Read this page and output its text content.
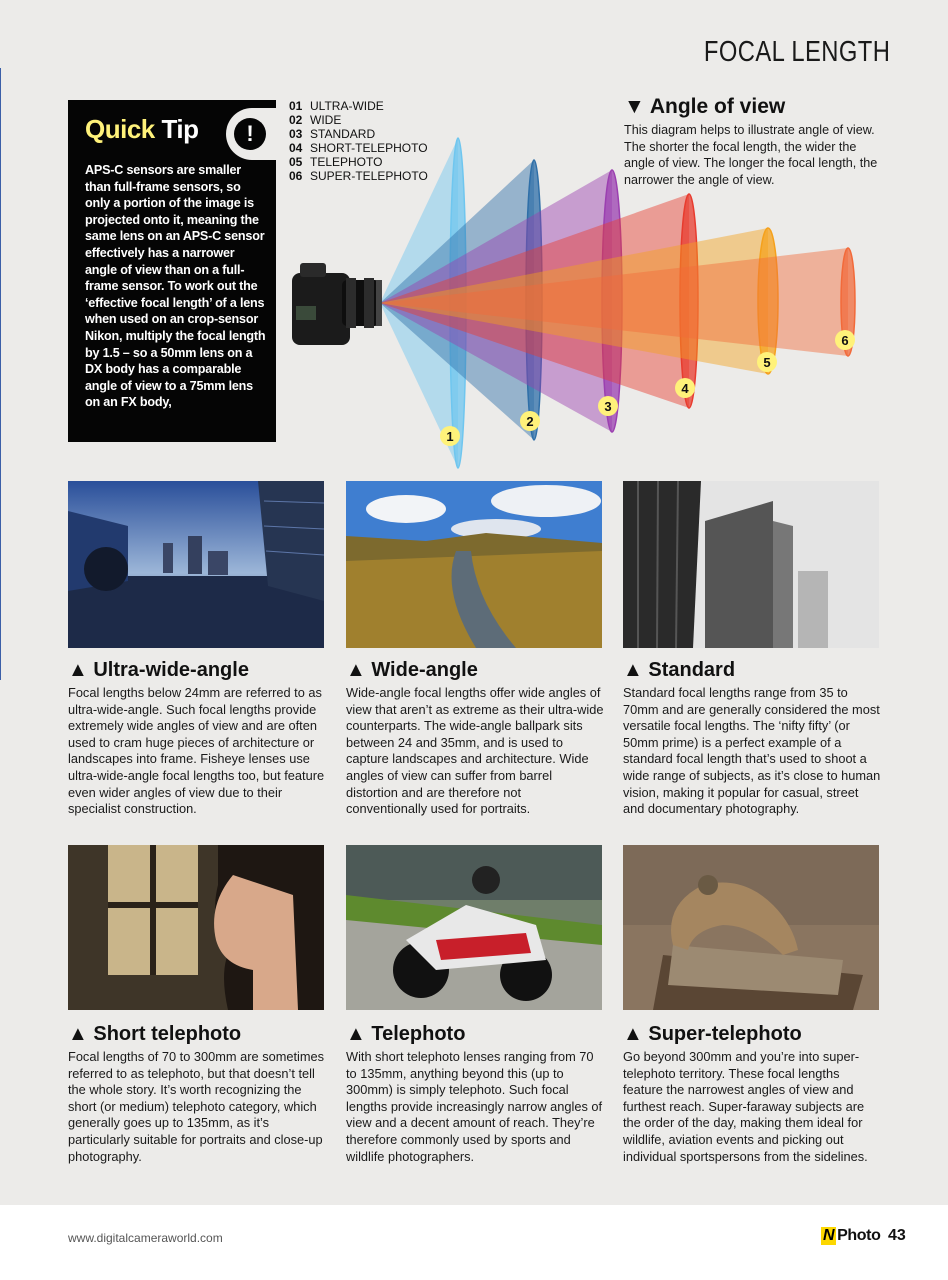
FOCAL LENGTH
Quick Tip	!
APS-C sensors are smaller than full-frame sensors, so only a portion of the image is projected onto it, meaning the same lens on an APS-C sensor effectively has a narrower angle of view than on a full-frame sensor. To work out the ‘effective focal length’ of a lens when used on an crop-sensor Nikon, multiply the focal length by 1.5 – so a 50mm lens on a DX body has a comparable angle of view to a 75mm lens on an FX body,
01 ULTRA-WIDE
02 WIDE
03 STANDARD
04 SHORT-TELEPHOTO
05 TELEPHOTO
06 SUPER-TELEPHOTO
▼ Angle of view
This diagram helps to illustrate angle of view. The shorter the focal length, the wider the angle of view. The longer the focal length, the narrower the angle of view.
1
2
3
4
5
6
▲ Ultra-wide-angle
Focal lengths below 24mm are referred to as ultra-wide-angle. Such focal lengths provide extremely wide angles of view and are often used to cram huge pieces of architecture or landscapes into frame. Fisheye lenses use ultra-wide-angle focal lengths too, but feature even wider angles of view due to their specialist construction.
▲ Wide-angle
Wide-angle focal lengths offer wide angles of view that aren’t as extreme as their ultra-wide counterparts. The wide-angle ballpark sits between 24 and 35mm, and is used to capture landscapes and architecture. Wide angles of view can suffer from barrel distortion and are therefore not conventionally used for portraits.
▲ Standard
Standard focal lengths range from 35 to 70mm and are generally considered the most versatile focal lengths. The ‘nifty fifty’ (or 50mm prime) is a perfect example of a standard focal length that’s used to shoot a wide range of subjects, as it’s close to human vision, making it popular for casual, street and documentary photography.
▲ Short telephoto
Focal lengths of 70 to 300mm are sometimes referred to as telephoto, but that doesn’t tell the whole story. It’s worth recognizing the short (or medium) telephoto category, which generally goes up to 135mm, as it’s particularly suitable for portraits and close-up photography.
▲ Telephoto
With short telephoto lenses ranging from 70 to 135mm, anything beyond this (up to 300mm) is simply telephoto. Such focal lengths provide increasingly narrow angles of view and a decent amount of reach. They’re therefore commonly used by sports and wildlife photographers.
▲ Super-telephoto
Go beyond 300mm and you’re into super-telephoto territory. These focal lengths feature the narrowest angles of view and furthest reach. Super-faraway subjects are the order of the day, making them ideal for wildlife, aviation events and picking out individual sportspersons from the sidelines.
www.digitalcameraworld.com	N Photo 43
